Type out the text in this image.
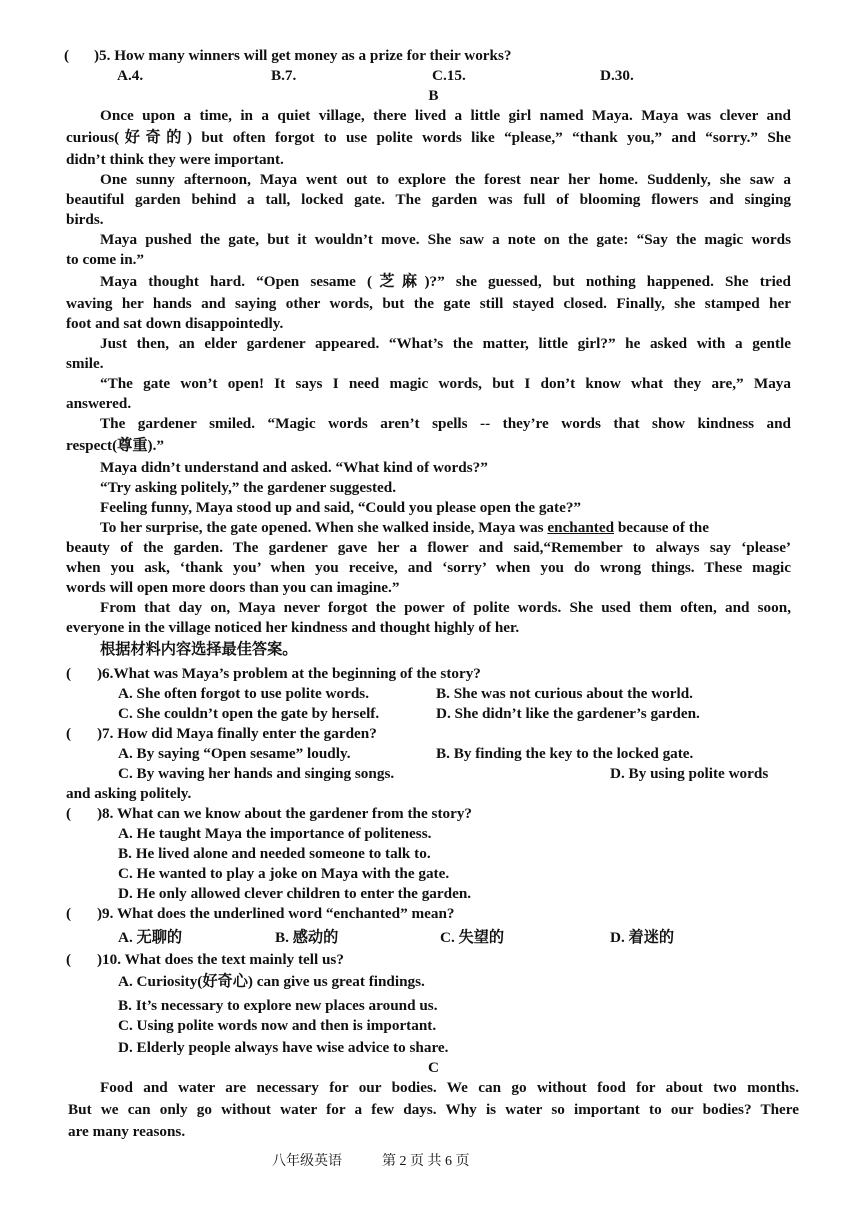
( )5. How many winners will get money as a prize for their works?
A.4.	B.7.	C.15.	D.30.
B
Once upon a time, in a quiet village, there lived a little girl named Maya. Maya was clever and
curious(好奇的) but often forgot to use polite words like “please,” “thank you,” and “sorry.” She
didn’t think they were important.
One sunny afternoon, Maya went out to explore the forest near her home. Suddenly, she saw a
beautiful garden behind a tall, locked gate. The garden was full of blooming flowers and singing
birds.
Maya pushed the gate, but it wouldn’t move. She saw a note on the gate: “Say the magic words
to come in.”
Maya thought hard. “Open sesame (芝麻)?” she guessed, but nothing happened. She tried
waving her hands and saying other words, but the gate still stayed closed. Finally, she stamped her
foot and sat down disappointedly.
Just then, an elder gardener appeared. “What’s the matter, little girl?” he asked with a gentle
smile.
“The gate won’t open! It says I need magic words, but I don’t know what they are,” Maya
answered.
The gardener smiled. “Magic words aren’t spells -- they’re words that show kindness and
respect(尊重).”
Maya didn’t understand and asked. “What kind of words?”
“Try asking politely,” the gardener suggested.
Feeling funny, Maya stood up and said, “Could you please open the gate?”
To her surprise, the gate opened. When she walked inside, Maya was enchanted because of the
beauty of the garden. The gardener gave her a flower and said,“Remember to always say ‘please’
when you ask, ‘thank you’ when you receive, and ‘sorry’ when you do wrong things. These magic
words will open more doors than you can imagine.”
From that day on, Maya never forgot the power of polite words. She used them often, and soon,
everyone in the village noticed her kindness and thought highly of her.
根据材料内容选择最佳答案。
( )6.What was Maya’s problem at the beginning of the story?
A. She often forgot to use polite words.	B. She was not curious about the world.
C. She couldn’t open the gate by herself.	D. She didn’t like the gardener’s garden.
( )7. How did Maya finally enter the garden?
A. By saying “Open sesame” loudly.	B. By finding the key to the locked gate.
C. By waving her hands and singing songs.	D. By using polite words
and asking politely.
( )8. What can we know about the gardener from the story?
A. He taught Maya the importance of politeness.
B. He lived alone and needed someone to talk to.
C. He wanted to play a joke on Maya with the gate.
D. He only allowed clever children to enter the garden.
( )9. What does the underlined word “enchanted” mean?
A. 无聊的	B. 感动的	C. 失望的	D. 着迷的
( )10. What does the text mainly tell us?
A. Curiosity(好奇心) can give us great findings.
B. It’s necessary to explore new places around us.
C. Using polite words now and then is important.
D. Elderly people always have wise advice to share.
C
Food and water are necessary for our bodies. We can go without food for about two months.
But we can only go without water for a few days. Why is water so important to our bodies? There
are many reasons.
八年级英语	第 2 页 共 6 页
